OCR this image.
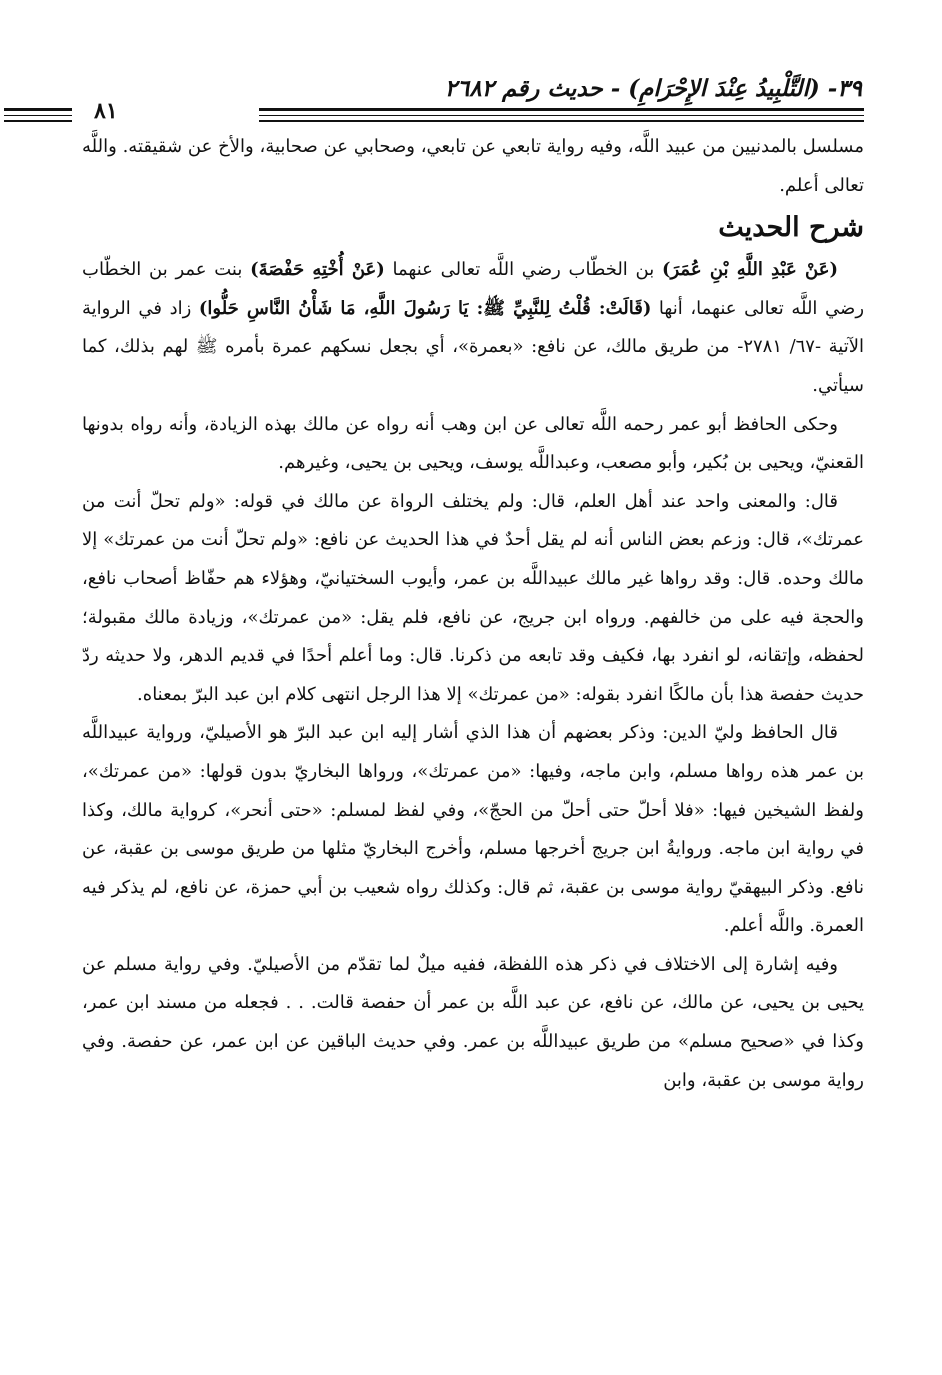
٣٩- (التَّلْبِيدُ عِنْدَ الإِحْرَامِ) - حديث رقم ٢٦٨٢
٨١

مسلسل بالمدنيين من عبيد اللَّه، وفيه رواية تابعي عن تابعي، وصحابي عن صحابية، والأخ عن شقيقته. واللَّه تعالى أعلم.

شرح الحديث

(عَنْ عَبْدِ اللَّهِ بْنِ عُمَرَ) بن الخطّاب رضي اللَّه تعالى عنهما (عَنْ أُخْتِهِ حَفْصَةَ) بنت عمر بن الخطّاب رضي اللَّه تعالى عنهما، أنها (قَالَتْ: قُلْتُ لِلنَّبِيِّ ﷺ: يَا رَسُولَ اللَّهِ، مَا شَأْنُ النَّاسِ حَلُّوا) زاد في الرواية الآتية -٦٧/ ٢٧٨١- من طريق مالك، عن نافع: «بعمرة»، أي بجعل نسكهم عمرة بأمره ﷺ لهم بذلك، كما سيأتي.

وحكى الحافظ أبو عمر رحمه اللَّه تعالى عن ابن وهب أنه رواه عن مالك بهذه الزيادة، وأنه رواه بدونها القعنيّ، ويحيى بن بُكير، وأبو مصعب، وعبداللَّه يوسف، ويحيى بن يحيى، وغيرهم.

قال: والمعنى واحد عند أهل العلم، قال: ولم يختلف الرواة عن مالك في قوله: «ولم تحلّ أنت من عمرتك»، قال: وزعم بعض الناس أنه لم يقل أحدٌ في هذا الحديث عن نافع: «ولم تحلّ أنت من عمرتك» إلا مالك وحده. قال: وقد رواها غير مالك عبيداللَّه بن عمر، وأيوب السختيانيّ، وهؤلاء هم حفّاظ أصحاب نافع، والحجة فيه على من خالفهم. ورواه ابن جريج، عن نافع، فلم يقل: «من عمرتك»، وزيادة مالك مقبولة؛ لحفظه، وإتقانه، لو انفرد بها، فكيف وقد تابعه من ذكرنا. قال: وما أعلم أحدًا في قديم الدهر، ولا حديثه ردّ حديث حفصة هذا بأن مالكًا انفرد بقوله: «من عمرتك» إلا هذا الرجل انتهى كلام ابن عبد البرّ بمعناه.

قال الحافظ وليّ الدين: وذكر بعضهم أن هذا الذي أشار إليه ابن عبد البرّ هو الأصيليّ، ورواية عبيداللَّه بن عمر هذه رواها مسلم، وابن ماجه، وفيها: «من عمرتك»، ورواها البخاريّ بدون قولها: «من عمرتك»، ولفظ الشيخين فيها: «فلا أحلّ حتى أحلّ من الحجّ»، وفي لفظ لمسلم: «حتى أنحر»، كرواية مالك، وكذا في رواية ابن ماجه. وروايةُ ابن جريج أخرجها مسلم، وأخرج البخاريّ مثلها من طريق موسى بن عقبة، عن نافع. وذكر البيهقيّ رواية موسى بن عقبة، ثم قال: وكذلك رواه شعيب بن أبي حمزة، عن نافع، لم يذكر فيه العمرة. واللَّه أعلم.

وفيه إشارة إلى الاختلاف في ذكر هذه اللفظة، ففيه ميلٌ لما تقدّم من الأصيليّ. وفي رواية مسلم عن يحيى بن يحيى، عن مالك، عن نافع، عن عبد اللَّه بن عمر أن حفصة قالت. . . فجعله من مسند ابن عمر، وكذا في «صحيح مسلم» من طريق عبيداللَّه بن عمر. وفي حديث الباقين عن ابن عمر، عن حفصة. وفي رواية موسى بن عقبة، وابن
